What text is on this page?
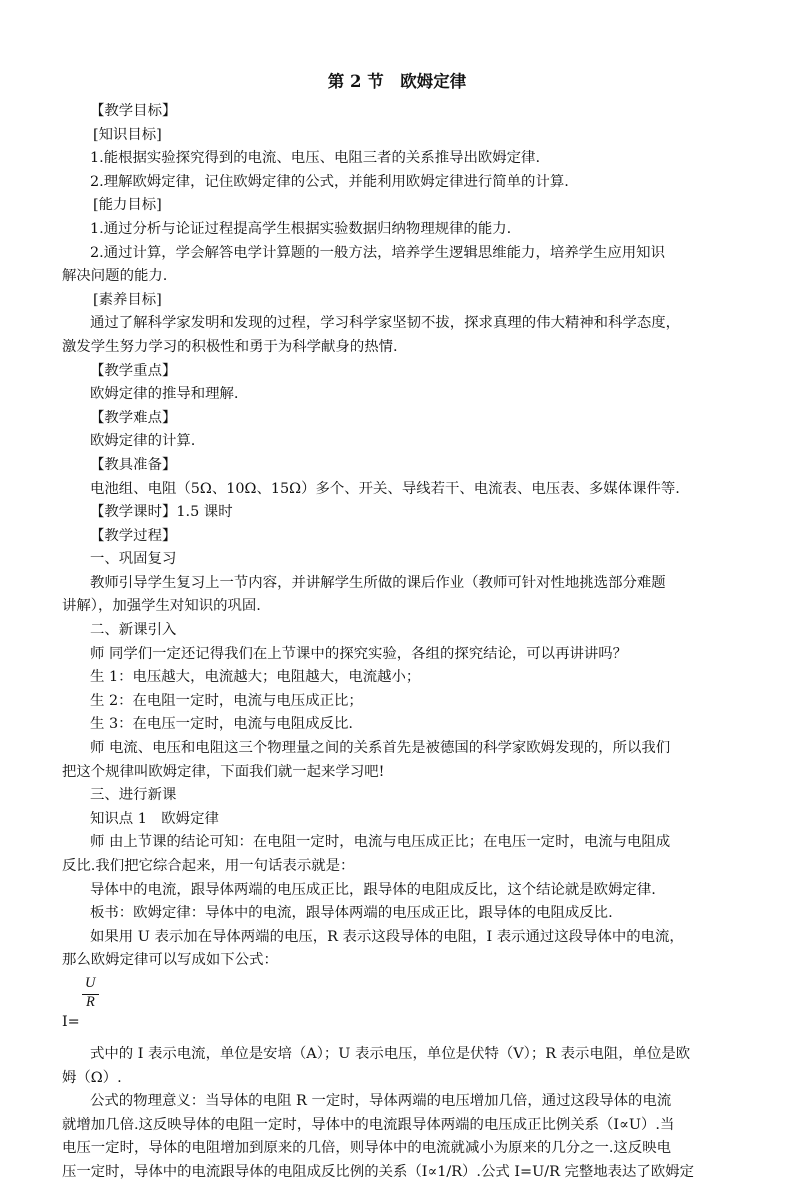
第 2 节　欧姆定律

【教学目标】

[知识目标]

1.能根据实验探究得到的电流、电压、电阻三者的关系推导出欧姆定律.

2.理解欧姆定律，记住欧姆定律的公式，并能利用欧姆定律进行简单的计算.

[能力目标]

1.通过分析与论证过程提高学生根据实验数据归纳物理规律的能力.

2.通过计算，学会解答电学计算题的一般方法，培养学生逻辑思维能力，培养学生应用知识

解决问题的能力.

[素养目标]

通过了解科学家发明和发现的过程，学习科学家坚韧不拔，探求真理的伟大精神和科学态度，

激发学生努力学习的积极性和勇于为科学献身的热情.

【教学重点】

欧姆定律的推导和理解.

【教学难点】

欧姆定律的计算.

【教具准备】

电池组、电阻（5Ω、10Ω、15Ω）多个、开关、导线若干、电流表、电压表、多媒体课件等.

【教学课时】1.5 课时

【教学过程】

一、巩固复习

教师引导学生复习上一节内容，并讲解学生所做的课后作业（教师可针对性地挑选部分难题

讲解），加强学生对知识的巩固.

二、新课引入

师 同学们一定还记得我们在上节课中的探究实验，各组的探究结论，可以再讲讲吗？

生 1：电压越大，电流越大；电阻越大，电流越小；

生 2：在电阻一定时，电流与电压成正比；

生 3：在电压一定时，电流与电阻成反比.

师 电流、电压和电阻这三个物理量之间的关系首先是被德国的科学家欧姆发现的，所以我们

把这个规律叫欧姆定律，下面我们就一起来学习吧!

三、进行新课

知识点 1　欧姆定律

师 由上节课的结论可知：在电阻一定时，电流与电压成正比；在电压一定时，电流与电阻成

反比.我们把它综合起来，用一句话表示就是：

导体中的电流，跟导体两端的电压成正比，跟导体的电阻成反比，这个结论就是欧姆定律.

板书：欧姆定律：导体中的电流，跟导体两端的电压成正比，跟导体的电阻成反比.

如果用 U 表示加在导体两端的电压，R 表示这段导体的电阻，I 表示通过这段导体中的电流，

那么欧姆定律可以写成如下公式：

U
R
I=

式中的 I 表示电流，单位是安培（A）；U 表示电压，单位是伏特（V）；R 表示电阻，单位是欧

姆（Ω）.

公式的物理意义：当导体的电阻 R 一定时，导体两端的电压增加几倍，通过这段导体的电流

就增加几倍.这反映导体的电阻一定时，导体中的电流跟导体两端的电压成正比例关系（I∝U）.当

电压一定时，导体的电阻增加到原来的几倍，则导体中的电流就减小为原来的几分之一.这反映电

压一定时，导体中的电流跟导体的电阻成反比例的关系（I∝1/R）.公式 I=U/R 完整地表达了欧姆定
